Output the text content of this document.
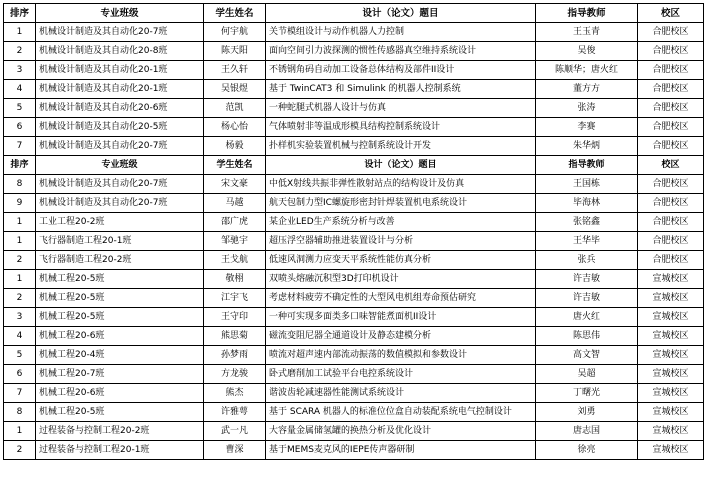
排序	专业班级	学生姓名	设计（论文）题目	指导教师	校区
1	机械设计制造及其自动化20-7班	何宇航	关节模组设计与动作机器人力控制	王玉青	合肥校区
2	机械设计制造及其自动化20-8班	陈天阳	面向空间引力波探测的惯性传感器真空维持系统设计	吴俊	合肥校区
3	机械设计制造及其自动化20-1班	王久轩	不锈钢角码自动加工设备总体结构及部件II设计	陈顺华；唐火红	合肥校区
4	机械设计制造及其自动化20-1班	吴银煜	基于 TwinCAT3 和 Simulink 的机器人控制系统	董方方	合肥校区
5	机械设计制造及其自动化20-6班	范凯	一种蛇腿式机器人设计与仿真	张涛	合肥校区
6	机械设计制造及其自动化20-5班	杨心怡	气体喷射非等温成形模具结构控制系统设计	李赛	合肥校区
7	机械设计制造及其自动化20-7班	杨毅	扑样机实验装置机械与控制系统设计开发	朱华炳	合肥校区
排序	专业班级	学生姓名	设计（论文）题目	指导教师	校区
8	机械设计制造及其自动化20-7班	宋文豪	中低X射线共振非弹性散射站点的结构设计及仿真	王国栋	合肥校区
9	机械设计制造及其自动化20-7班	马越	航天包制力型IC螺旋形密封针焊装置机电系统设计	毕海林	合肥校区
1	工业工程20-2班	邵广虎	某企业LED生产系统分析与改善	张铭鑫	合肥校区
1	飞行器制造工程20-1班	邹驰宇	超压浮空器辅助推进装置设计与分析	王华毕	合肥校区
2	飞行器制造工程20-2班	王戈航	低速风洞测力应变天平系统性能仿真分析	张兵	合肥校区
1	机械工程20-5班	敬栩	双喷头熔融沉积型3D打印机设计	许吉敏	宣城校区
2	机械工程20-5班	江宇飞	考虑材料疲劳不确定性的大型风电机组寿命预估研究	许吉敏	宣城校区
3	机械工程20-5班	王守印	一种可实现多面类多口味智能煮面机II设计	唐火红	宣城校区
4	机械工程20-6班	熊思菊	磁流变阻尼器全通道设计及静态建模分析	陈思伟	宣城校区
5	机械工程20-4班	孙梦雨	喷流对超声速内部流动振荡的数值模拟和参数设计	高文智	宣城校区
6	机械工程20-7班	方龙骏	卧式磨削加工试验平台电控系统设计	吴超	宣城校区
7	机械工程20-6班	熊杰	谐波齿轮减速器性能测试系统设计	丁曙光	宣城校区
8	机械工程20-5班	许雅萼	基于 SCARA 机器人的标准位位盒自动装配系统电气控制设计	刘勇	宣城校区
1	过程装备与控制工程20-2班	武一凡	大容量金属储氢罐的换热分析及优化设计	唐志国	宣城校区
2	过程装备与控制工程20-1班	曹深	基于MEMS麦克风的IEPE传声器研制	徐亮	宣城校区
